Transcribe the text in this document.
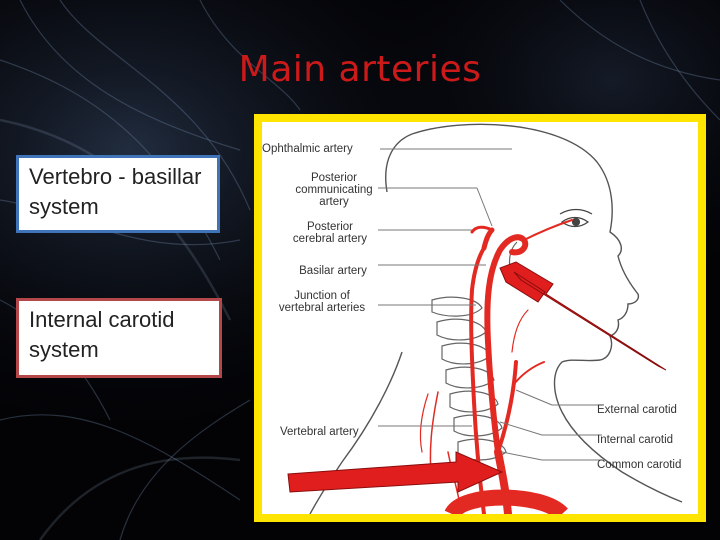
Main arteries
Vertebro - basillar system
Internal carotid system
Ophthalmic artery
Posterior
communicating
artery
Posterior
cerebral artery
Basilar artery
Junction of
vertebral arteries
Vertebral artery
External carotid
Internal carotid
Common carotid
